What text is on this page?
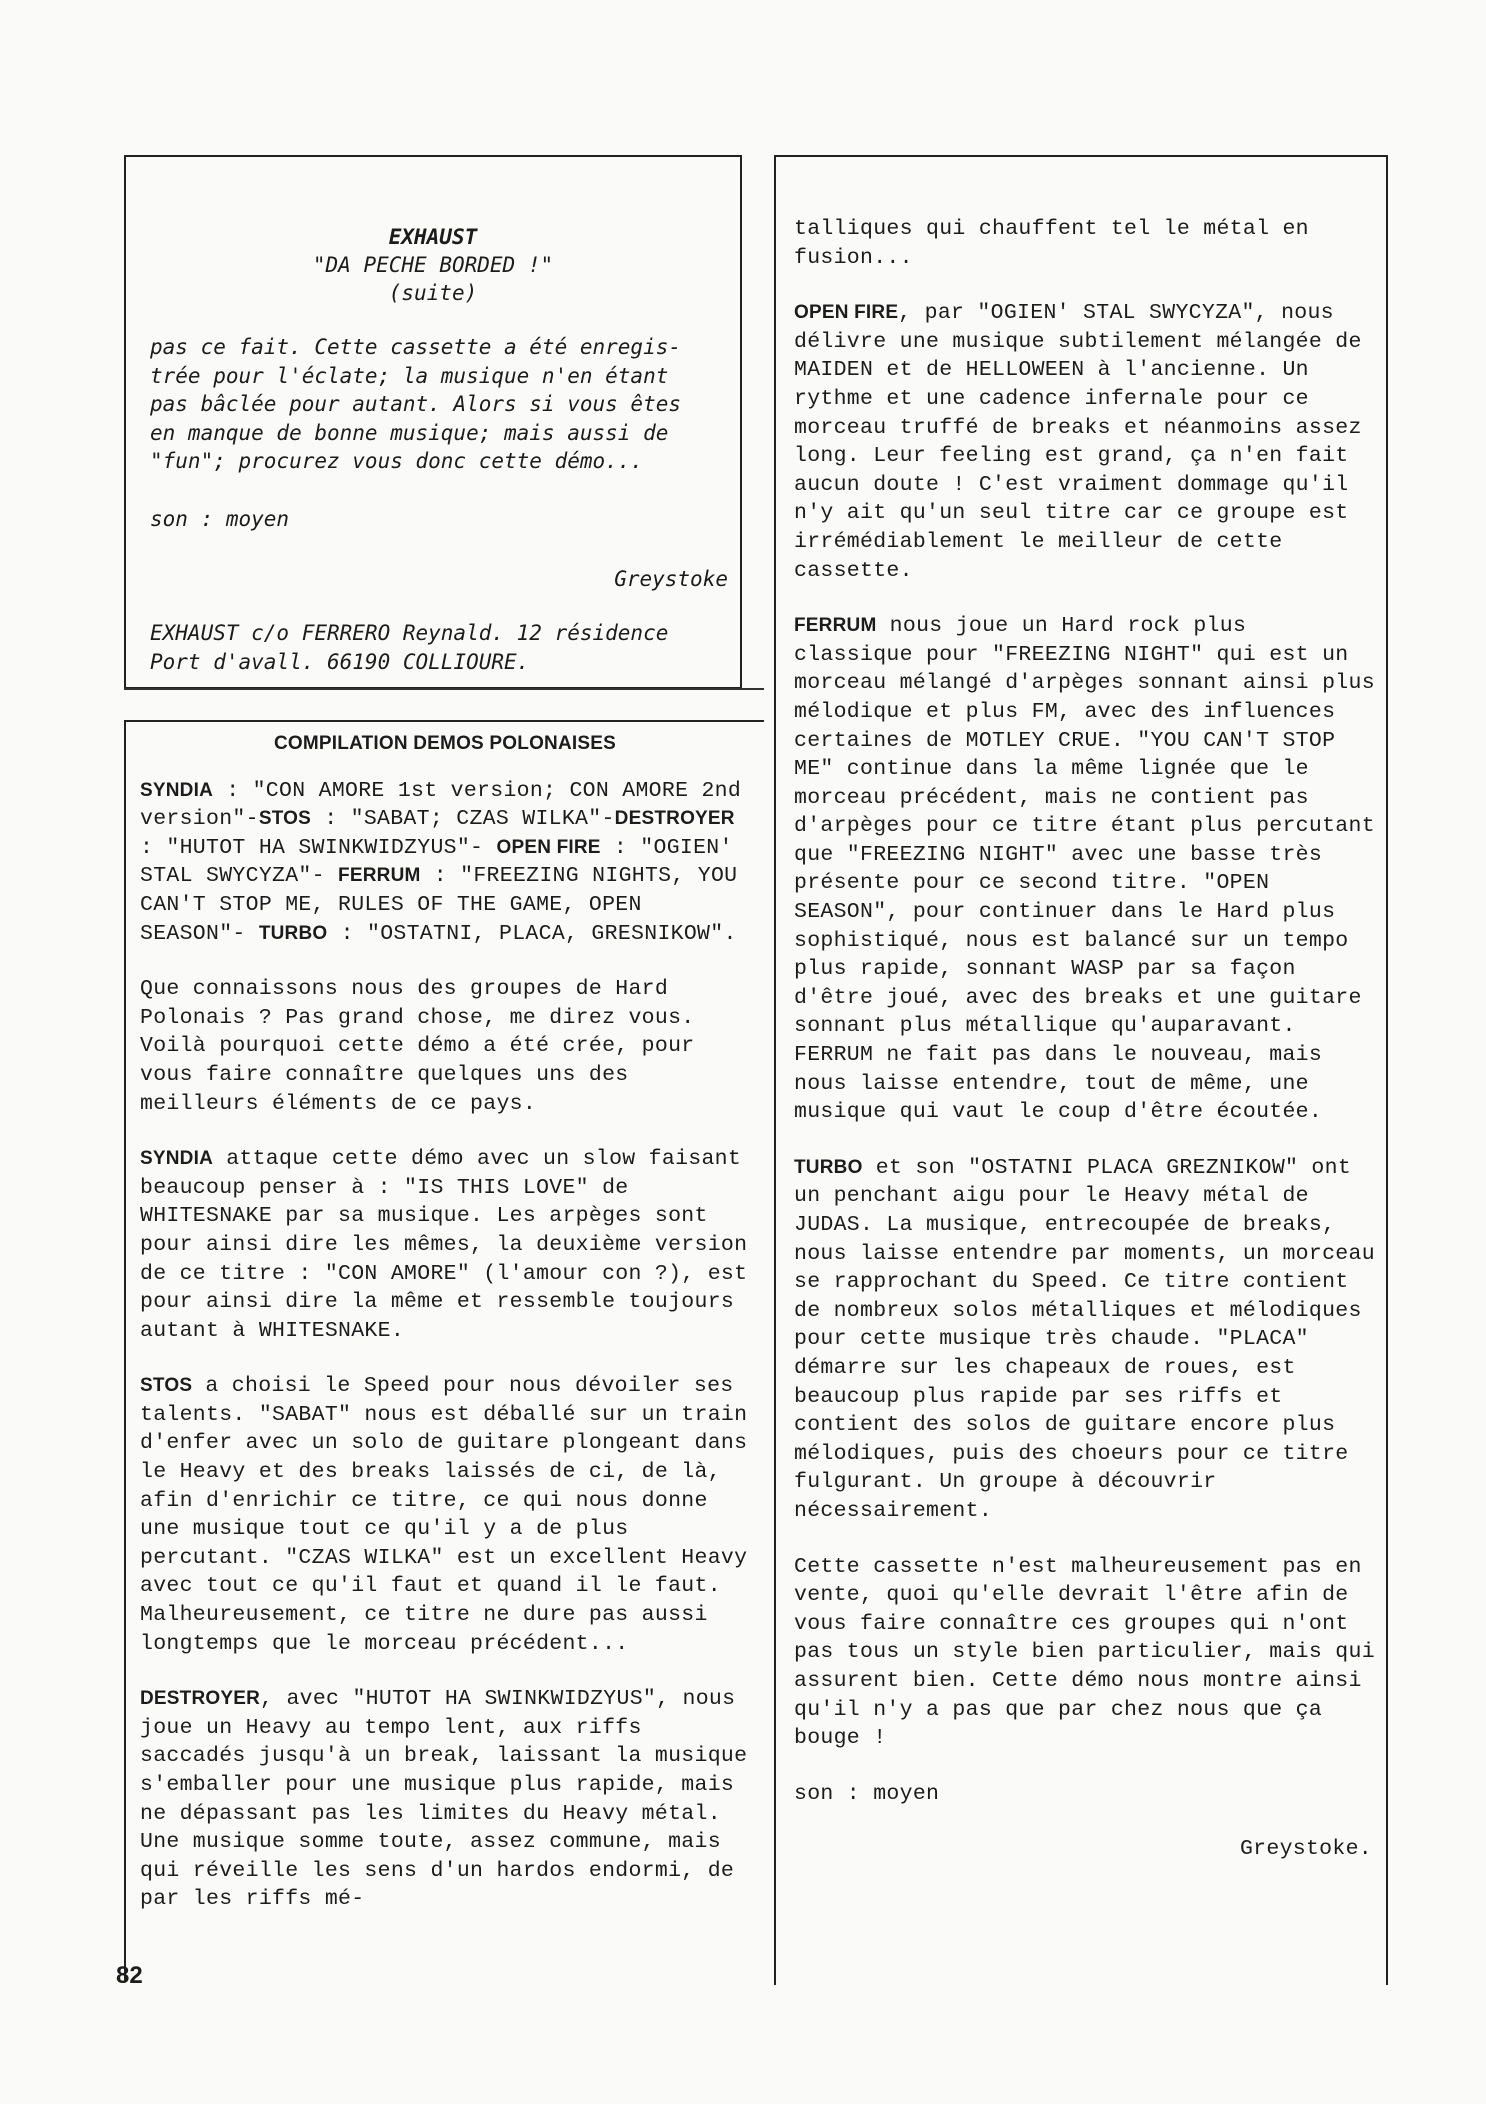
EXHAUST
"DA PECHE BORDED !"
(suite)

pas ce fait. Cette cassette a été enregis-

trée pour l'éclate; la musique n'en étant

pas bâclée pour autant. Alors si vous êtes

en manque de bonne musique; mais aussi de

"fun"; procurez vous donc cette démo...

son : moyen
Greystoke

EXHAUST c/o FERRERO Reynald. 12 résidence

Port d'avall. 66190 COLLIOURE.

COMPILATION DEMOS POLONAISES

SYNDIA : "CON AMORE 1st version; CON AMORE 2nd version"-STOS : "SABAT; CZAS WILKA"-DESTROYER : "HUTOT HA SWINKWIDZYUS"- OPEN FIRE : "OGIEN' STAL SWYCYZA"- FERRUM : "FREEZING NIGHTS, YOU CAN'T STOP ME, RULES OF THE GAME, OPEN SEASON"- TURBO : "OSTATNI, PLACA, GRESNIKOW".

Que connaissons nous des groupes de Hard Polonais ? Pas grand chose, me direz vous. Voilà pourquoi cette démo a été crée, pour vous faire connaître quelques uns des meilleurs éléments de ce pays.

SYNDIA attaque cette démo avec un slow faisant beaucoup penser à : "IS THIS LOVE" de WHITESNAKE par sa musique. Les arpèges sont pour ainsi dire les mêmes, la deuxième version de ce titre : "CON AMORE" (l'amour con ?), est pour ainsi dire la même et ressemble toujours autant à WHITESNAKE.

STOS a choisi le Speed pour nous dévoiler ses talents. "SABAT" nous est déballé sur un train d'enfer avec un solo de guitare plongeant dans le Heavy et des breaks laissés de ci, de là, afin d'enrichir ce titre, ce qui nous donne une musique tout ce qu'il y a de plus percutant. "CZAS WILKA" est un excellent Heavy avec tout ce qu'il faut et quand il le faut. Malheureusement, ce titre ne dure pas aussi longtemps que le morceau précédent...

DESTROYER, avec "HUTOT HA SWINKWIDZYUS", nous joue un Heavy au tempo lent, aux riffs saccadés jusqu'à un break, laissant la musique s'emballer pour une musique plus rapide, mais ne dépassant pas les limites du Heavy métal. Une musique somme toute, assez commune, mais qui réveille les sens d'un hardos endormi, de par les riffs mé-

talliques qui chauffent tel le métal en fusion...

OPEN FIRE, par "OGIEN' STAL SWYCYZA", nous délivre une musique subtilement mélangée de MAIDEN et de HELLOWEEN à l'ancienne. Un rythme et une cadence infernale pour ce morceau truffé de breaks et néanmoins assez long. Leur feeling est grand, ça n'en fait aucun doute ! C'est vraiment dommage qu'il n'y ait qu'un seul titre car ce groupe est irrémédiablement le meilleur de cette cassette.

FERRUM nous joue un Hard rock plus classique pour "FREEZING NIGHT" qui est un morceau mélangé d'arpèges sonnant ainsi plus mélodique et plus FM, avec des influences certaines de MOTLEY CRUE. "YOU CAN'T STOP ME" continue dans la même lignée que le morceau précédent, mais ne contient pas d'arpèges pour ce titre étant plus percutant que "FREEZING NIGHT" avec une basse très présente pour ce second titre. "OPEN SEASON", pour continuer dans le Hard plus sophistiqué, nous est balancé sur un tempo plus rapide, sonnant WASP par sa façon d'être joué, avec des breaks et une guitare sonnant plus métallique qu'auparavant. FERRUM ne fait pas dans le nouveau, mais nous laisse entendre, tout de même, une musique qui vaut le coup d'être écoutée.

TURBO et son "OSTATNI PLACA GREZNIKOW" ont un penchant aigu pour le Heavy métal de JUDAS. La musique, entrecoupée de breaks, nous laisse entendre par moments, un morceau se rapprochant du Speed. Ce titre contient de nombreux solos métalliques et mélodiques pour cette musique très chaude. "PLACA" démarre sur les chapeaux de roues, est beaucoup plus rapide par ses riffs et contient des solos de guitare encore plus mélodiques, puis des choeurs pour ce titre fulgurant. Un groupe à découvrir nécessairement.

Cette cassette n'est malheureusement pas en vente, quoi qu'elle devrait l'être afin de vous faire connaître ces groupes qui n'ont pas tous un style bien particulier, mais qui assurent bien. Cette démo nous montre ainsi qu'il n'y a pas que par chez nous que ça bouge !

son : moyen

Greystoke.

82
